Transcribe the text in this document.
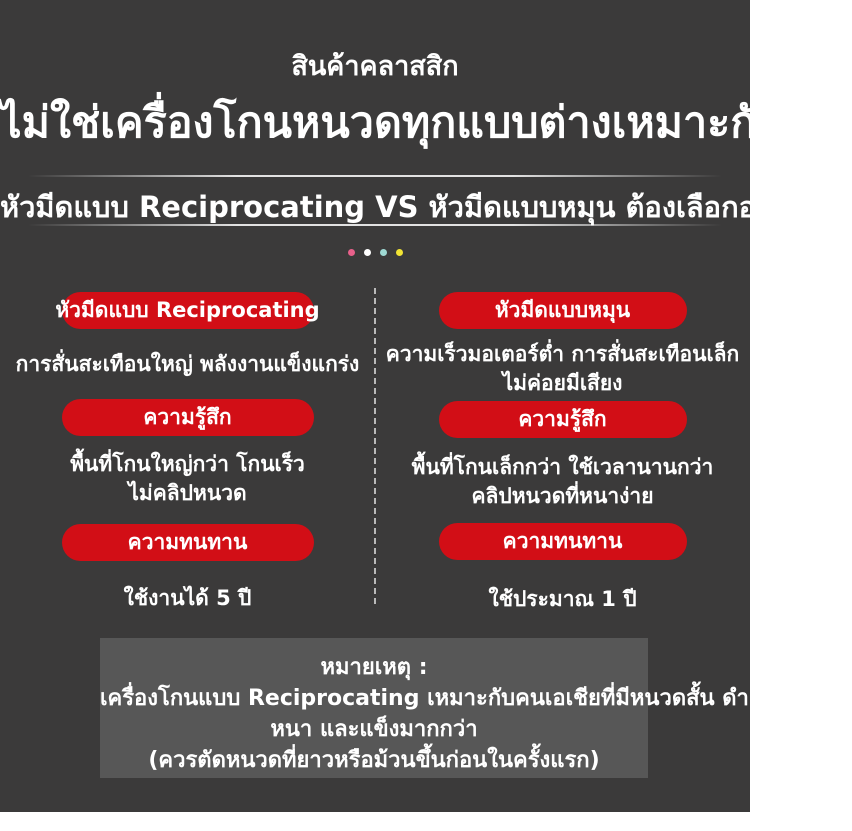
สินค้าคลาสสิก
ไม่ใช่เครื่องโกนหนวดทุกแบบต่างเหมาะกับคุณ
หัวมีดแบบ Reciprocating VS หัวมีดแบบหมุน ต้องเลือกอย่างไร
หัวมีดแบบ Reciprocating
การสั่นสะเทือนใหญ่ พลังงานแข็งแกร่ง
ความรู้สึก
พื้นที่โกนใหญ่กว่า โกนเร็ว
ไม่คลิปหนวด
ความทนทาน
ใช้งานได้ 5 ปี
หัวมีดแบบหมุน
ความเร็วมอเตอร์ต่ำ การสั่นสะเทือนเล็ก
ไม่ค่อยมีเสียง
ความรู้สึก
พื้นที่โกนเล็กกว่า ใช้เวลานานกว่า
คลิปหนวดที่หนาง่าย
ความทนทาน
ใช้ประมาณ 1 ปี
หมายเหตุ :
เครื่องโกนแบบ Reciprocating เหมาะกับคนเอเชียที่มีหนวดสั้น ดำ
หนา และแข็งมากกว่า
(ควรตัดหนวดที่ยาวหรือม้วนขึ้นก่อนในครั้งแรก)
